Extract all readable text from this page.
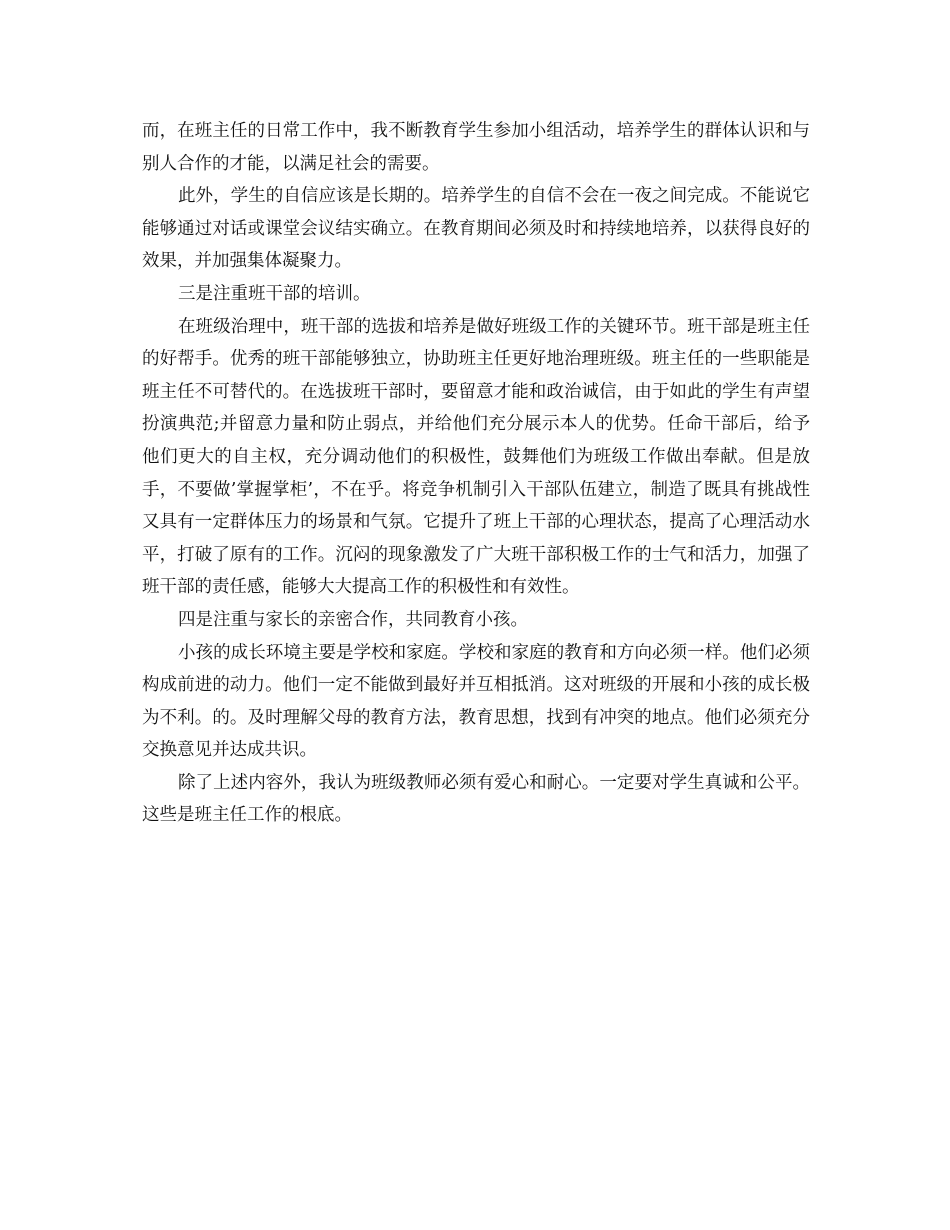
而，在班主任的日常工作中，我不断教育学生参加小组活动，培养学生的群体认识和与别人合作的才能，以满足社会的需要。

此外，学生的自信应该是长期的。培养学生的自信不会在一夜之间完成。不能说它能够通过对话或课堂会议结实确立。在教育期间必须及时和持续地培养，以获得良好的效果，并加强集体凝聚力。

三是注重班干部的培训。

在班级治理中，班干部的选拔和培养是做好班级工作的关键环节。班干部是班主任的好帮手。优秀的班干部能够独立，协助班主任更好地治理班级。班主任的一些职能是班主任不可替代的。在选拔班干部时，要留意才能和政治诚信，由于如此的学生有声望扮演典范;并留意力量和防止弱点，并给他们充分展示本人的优势。任命干部后，给予他们更大的自主权，充分调动他们的积极性，鼓舞他们为班级工作做出奉献。但是放手，不要做’掌握掌柜’，不在乎。将竞争机制引入干部队伍建立，制造了既具有挑战性又具有一定群体压力的场景和气氛。它提升了班上干部的心理状态，提高了心理活动水平，打破了原有的工作。沉闷的现象激发了广大班干部积极工作的士气和活力，加强了班干部的责任感，能够大大提高工作的积极性和有效性。

四是注重与家长的亲密合作，共同教育小孩。

小孩的成长环境主要是学校和家庭。学校和家庭的教育和方向必须一样。他们必须构成前进的动力。他们一定不能做到最好并互相抵消。这对班级的开展和小孩的成长极为不利。的。及时理解父母的教育方法，教育思想，找到有冲突的地点。他们必须充分交换意见并达成共识。

除了上述内容外，我认为班级教师必须有爱心和耐心。一定要对学生真诚和公平。这些是班主任工作的根底。
